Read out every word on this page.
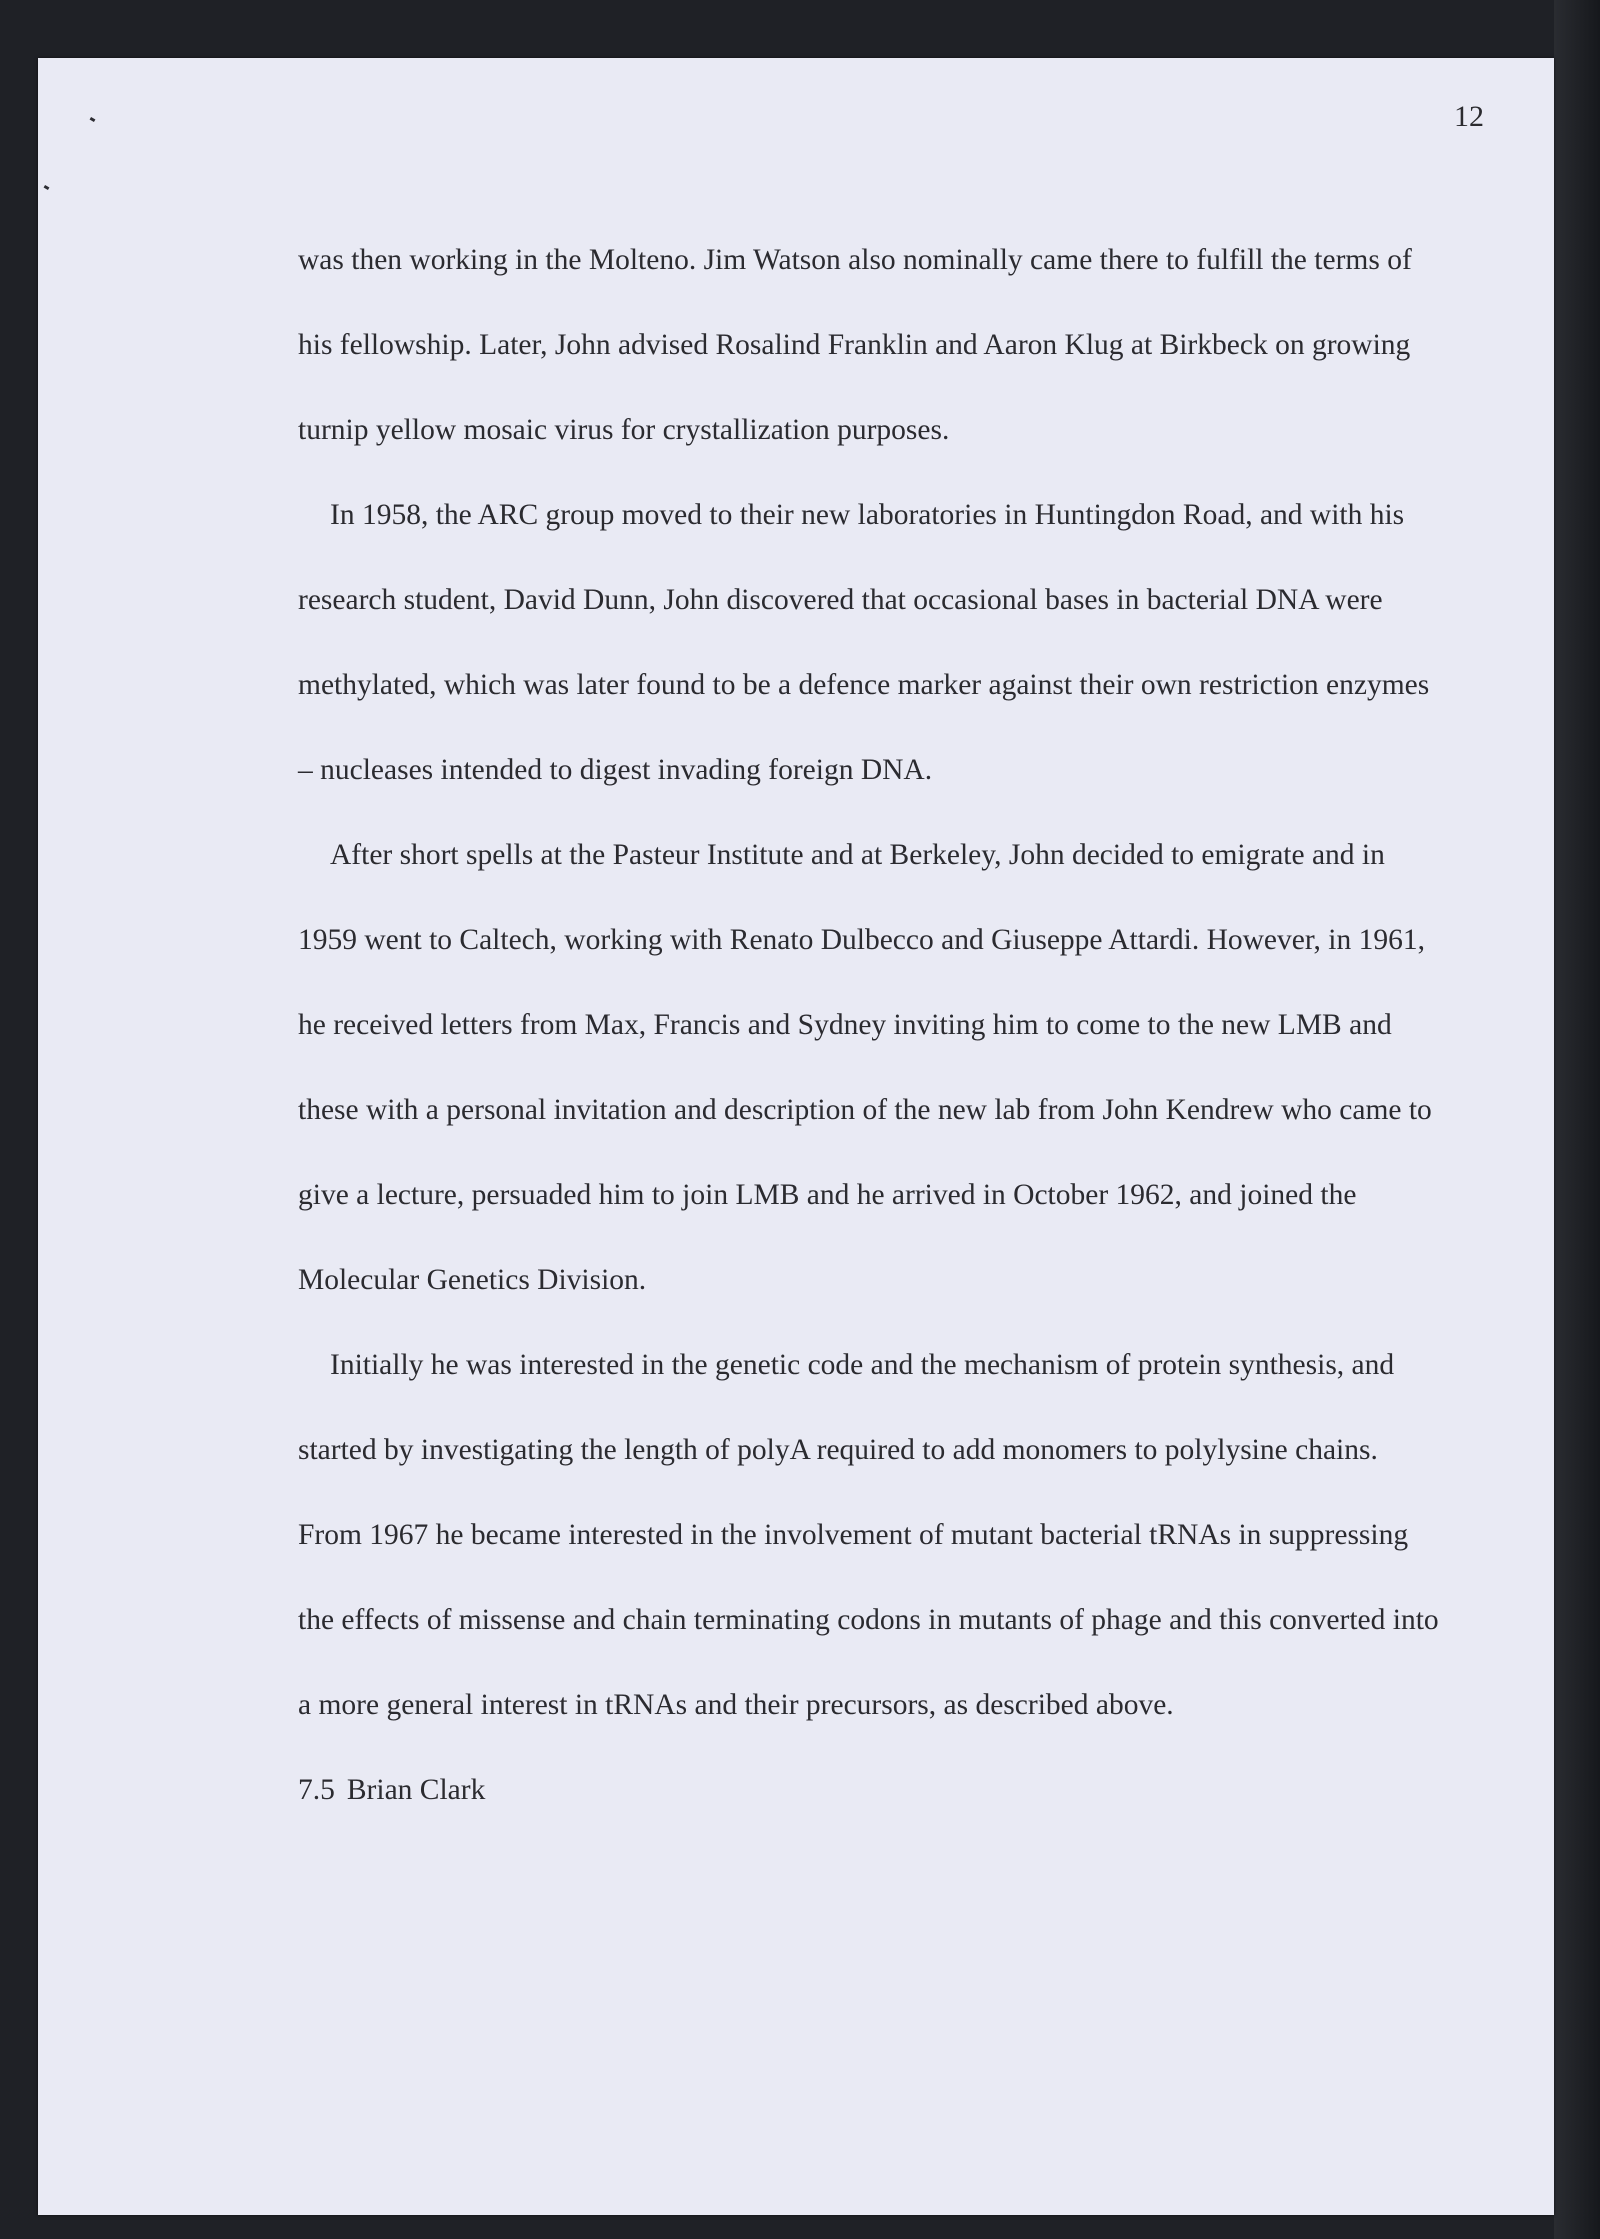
12

was then working in the Molteno. Jim Watson also nominally came there to fulfill the terms of his fellowship. Later, John advised Rosalind Franklin and Aaron Klug at Birkbeck on growing turnip yellow mosaic virus for crystallization purposes.

In 1958, the ARC group moved to their new laboratories in Huntingdon Road, and with his research student, David Dunn, John discovered that occasional bases in bacterial DNA were methylated, which was later found to be a defence marker against their own restriction enzymes – nucleases intended to digest invading foreign DNA.

After short spells at the Pasteur Institute and at Berkeley, John decided to emigrate and in 1959 went to Caltech, working with Renato Dulbecco and Giuseppe Attardi. However, in 1961, he received letters from Max, Francis and Sydney inviting him to come to the new LMB and these with a personal invitation and description of the new lab from John Kendrew who came to give a lecture, persuaded him to join LMB and he arrived in October 1962, and joined the Molecular Genetics Division.

Initially he was interested in the genetic code and the mechanism of protein synthesis, and started by investigating the length of polyA required to add monomers to polylysine chains. From 1967 he became interested in the involvement of mutant bacterial tRNAs in suppressing the effects of missense and chain terminating codons in mutants of phage and this converted into a more general interest in tRNAs and their precursors, as described above.

7.5 Brian Clark
